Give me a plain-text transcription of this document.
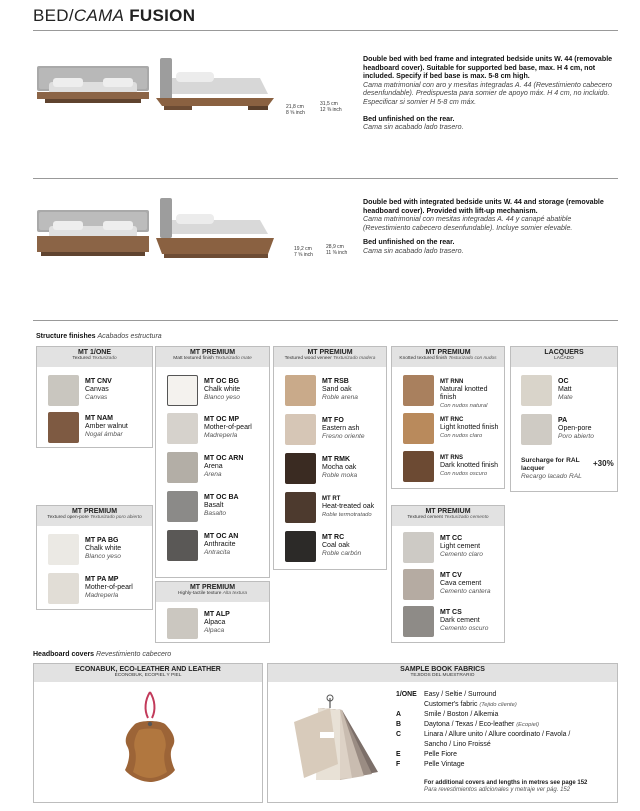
BED/CAMA FUSION
21,8 cm
8 ⅝ inch
31,5 cm
12 ⅜ inch
Double bed with bed frame and integrated bedside units W. 44 (removable headboard cover). Suitable for supported bed base, max. H 4 cm, not included. Specify if bed base is max. 5-8 cm high.
Cama matrimonial con aro y mesitas integradas A. 44 (Revestimiento cabecero desenfundable). Predispuesta para somier de apoyo máx. H 4 cm, no incluido. Especificar si somier H 5-8 cm máx.
Bed unfinished on the rear.
Cama sin acabado lado trasero.
19,2 cm
7 ⅝ inch
28,9 cm
11 ⅜ inch
Double bed with integrated bedside units W. 44 and storage (removable headboard cover). Provided with lift-up mechanism.
Cama matrimonial con mesitas integradas A. 44 y canapé abatible (Revestimiento cabecero desenfundable). Incluye somier elevable.
Bed unfinished on the rear.
Cama sin acabado lado trasero.
Structure finishes Acabados estructura
MT 1/ONE
Textured Texturizado
MT CNV
Canvas
Canvas
MT NAM
Amber walnut
Nogal ámbar
MT PREMIUM
Matt textured finish Texturizado mate
MT OC BG
Chalk white
Blanco yeso
MT OC MP
Mother-of-pearl
Madreperla
MT OC ARN
Arena
Arena
MT OC BA
Basalt
Basalto
MT OC AN
Anthracite
Antracita
MT PREMIUM
Textured wood veneer Texturizado madera
MT RSB
Sand oak
Roble arena
MT FO
Eastern ash
Fresno oriente
MT RMK
Mocha oak
Roble moka
MT RT
Heat-treated oak
Roble termotratado
MT RC
Coal oak
Roble carbón
MT PREMIUM
Knotted textured finish Texturizado con nudos
MT RNN
Natural knotted finish
Con nudos natural
MT RNC
Light knotted finish
Con nudos claro
MT RNS
Dark knotted finish
Con nudos oscuro
LACQUERS
LACADO
OC
Matt
Mate
PA
Open-pore
Poro abierto
Surcharge for RAL lacquer
Recargo lacado RAL
+30%
MT PREMIUM
Textured open-pore Texturizado poro abierto
MT PA BG
Chalk white
Blanco yeso
MT PA MP
Mother-of-pearl
Madreperla
MT PREMIUM
Highly-tactile texture Alta textura
MT ALP
Alpaca
Alpaca
MT PREMIUM
Textured cement Texturizado cemento
MT CC
Light cement
Cemento claro
MT CV
Cava cement
Cemento cantera
MT CS
Dark cement
Cemento oscuro
Headboard covers Revestimiento cabecero
ECONABUK, ECO-LEATHER AND LEATHER
ECONOBUK, ECOPIEL Y PIEL
SAMPLE BOOK FABRICS
TEJIDOS DEL MUESTRARIO
1/ONE Easy / Seltie / Surround
Customer's fabric (Tejido cliente)
A	Smile / Boston / Alkemia
B	Daytona / Texas / Eco-leather (Ecopiel)
C	Linara / Allure unito / Allure coordinato / Favola /
Sancho / Lino Froissé
E	Pelle Fiore
F	Pelle Vintage
For additional covers and lengths in metres see page 152
Para revestimientos adicionales y metraje ver pág. 152
